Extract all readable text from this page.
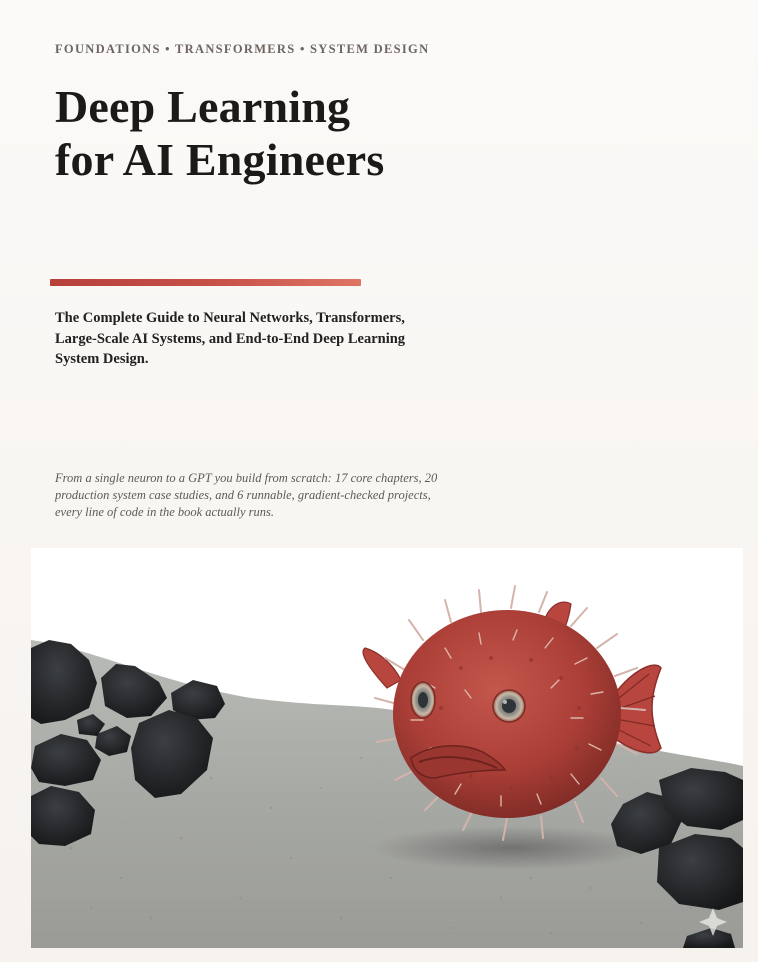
FOUNDATIONS • TRANSFORMERS • SYSTEM DESIGN
Deep Learning
for AI Engineers
The Complete Guide to Neural Networks, Transformers, Large-Scale AI Systems, and End-to-End Deep Learning System Design.
From a single neuron to a GPT you build from scratch: 17 core chapters, 20 production system case studies, and 6 runnable, gradient-checked projects, every line of code in the book actually runs.
